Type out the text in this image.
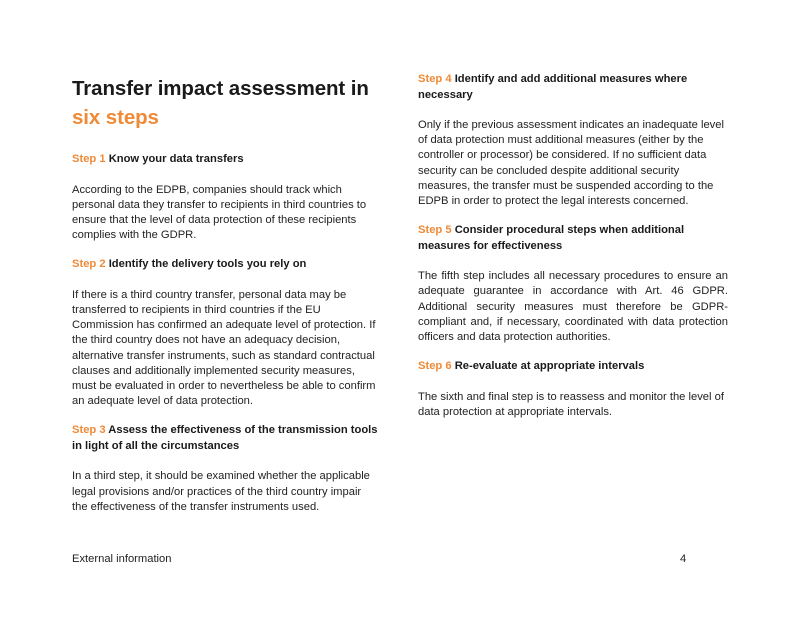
Transfer impact assessment in
six steps

Step 1 Know your data transfers

According to the EDPB, companies should track which personal data they transfer to recipients in third countries to ensure that the level of data protection of these recipients complies with the GDPR.

Step 2 Identify the delivery tools you rely on

If there is a third country transfer, personal data may be transferred to recipients in third countries if the EU Commission has confirmed an adequate level of protection. If the third country does not have an adequacy decision, alternative transfer instruments, such as standard contractual clauses and additionally implemented security measures, must be evaluated in order to nevertheless be able to confirm an adequate level of data protection.

Step 3 Assess the effectiveness of the transmission tools in light of all the circumstances

In a third step, it should be examined whether the applicable legal provisions and/or practices of the third country impair the effectiveness of the transfer instruments used.

Step 4 Identify and add additional measures where necessary

Only if the previous assessment indicates an inadequate level of data protection must additional measures (either by the controller or processor) be considered. If no sufficient data security can be concluded despite additional security measures, the transfer must be suspended according to the EDPB in order to protect the legal interests concerned.

Step 5 Consider procedural steps when additional measures for effectiveness

The fifth step includes all necessary procedures to ensure an adequate guarantee in accordance with Art. 46 GDPR. Additional security measures must therefore be GDPR-compliant and, if necessary, coordinated with data protection officers and data protection authorities.

Step 6 Re-evaluate at appropriate intervals

The sixth and final step is to reassess and monitor the level of data protection at appropriate intervals.

External information	4
